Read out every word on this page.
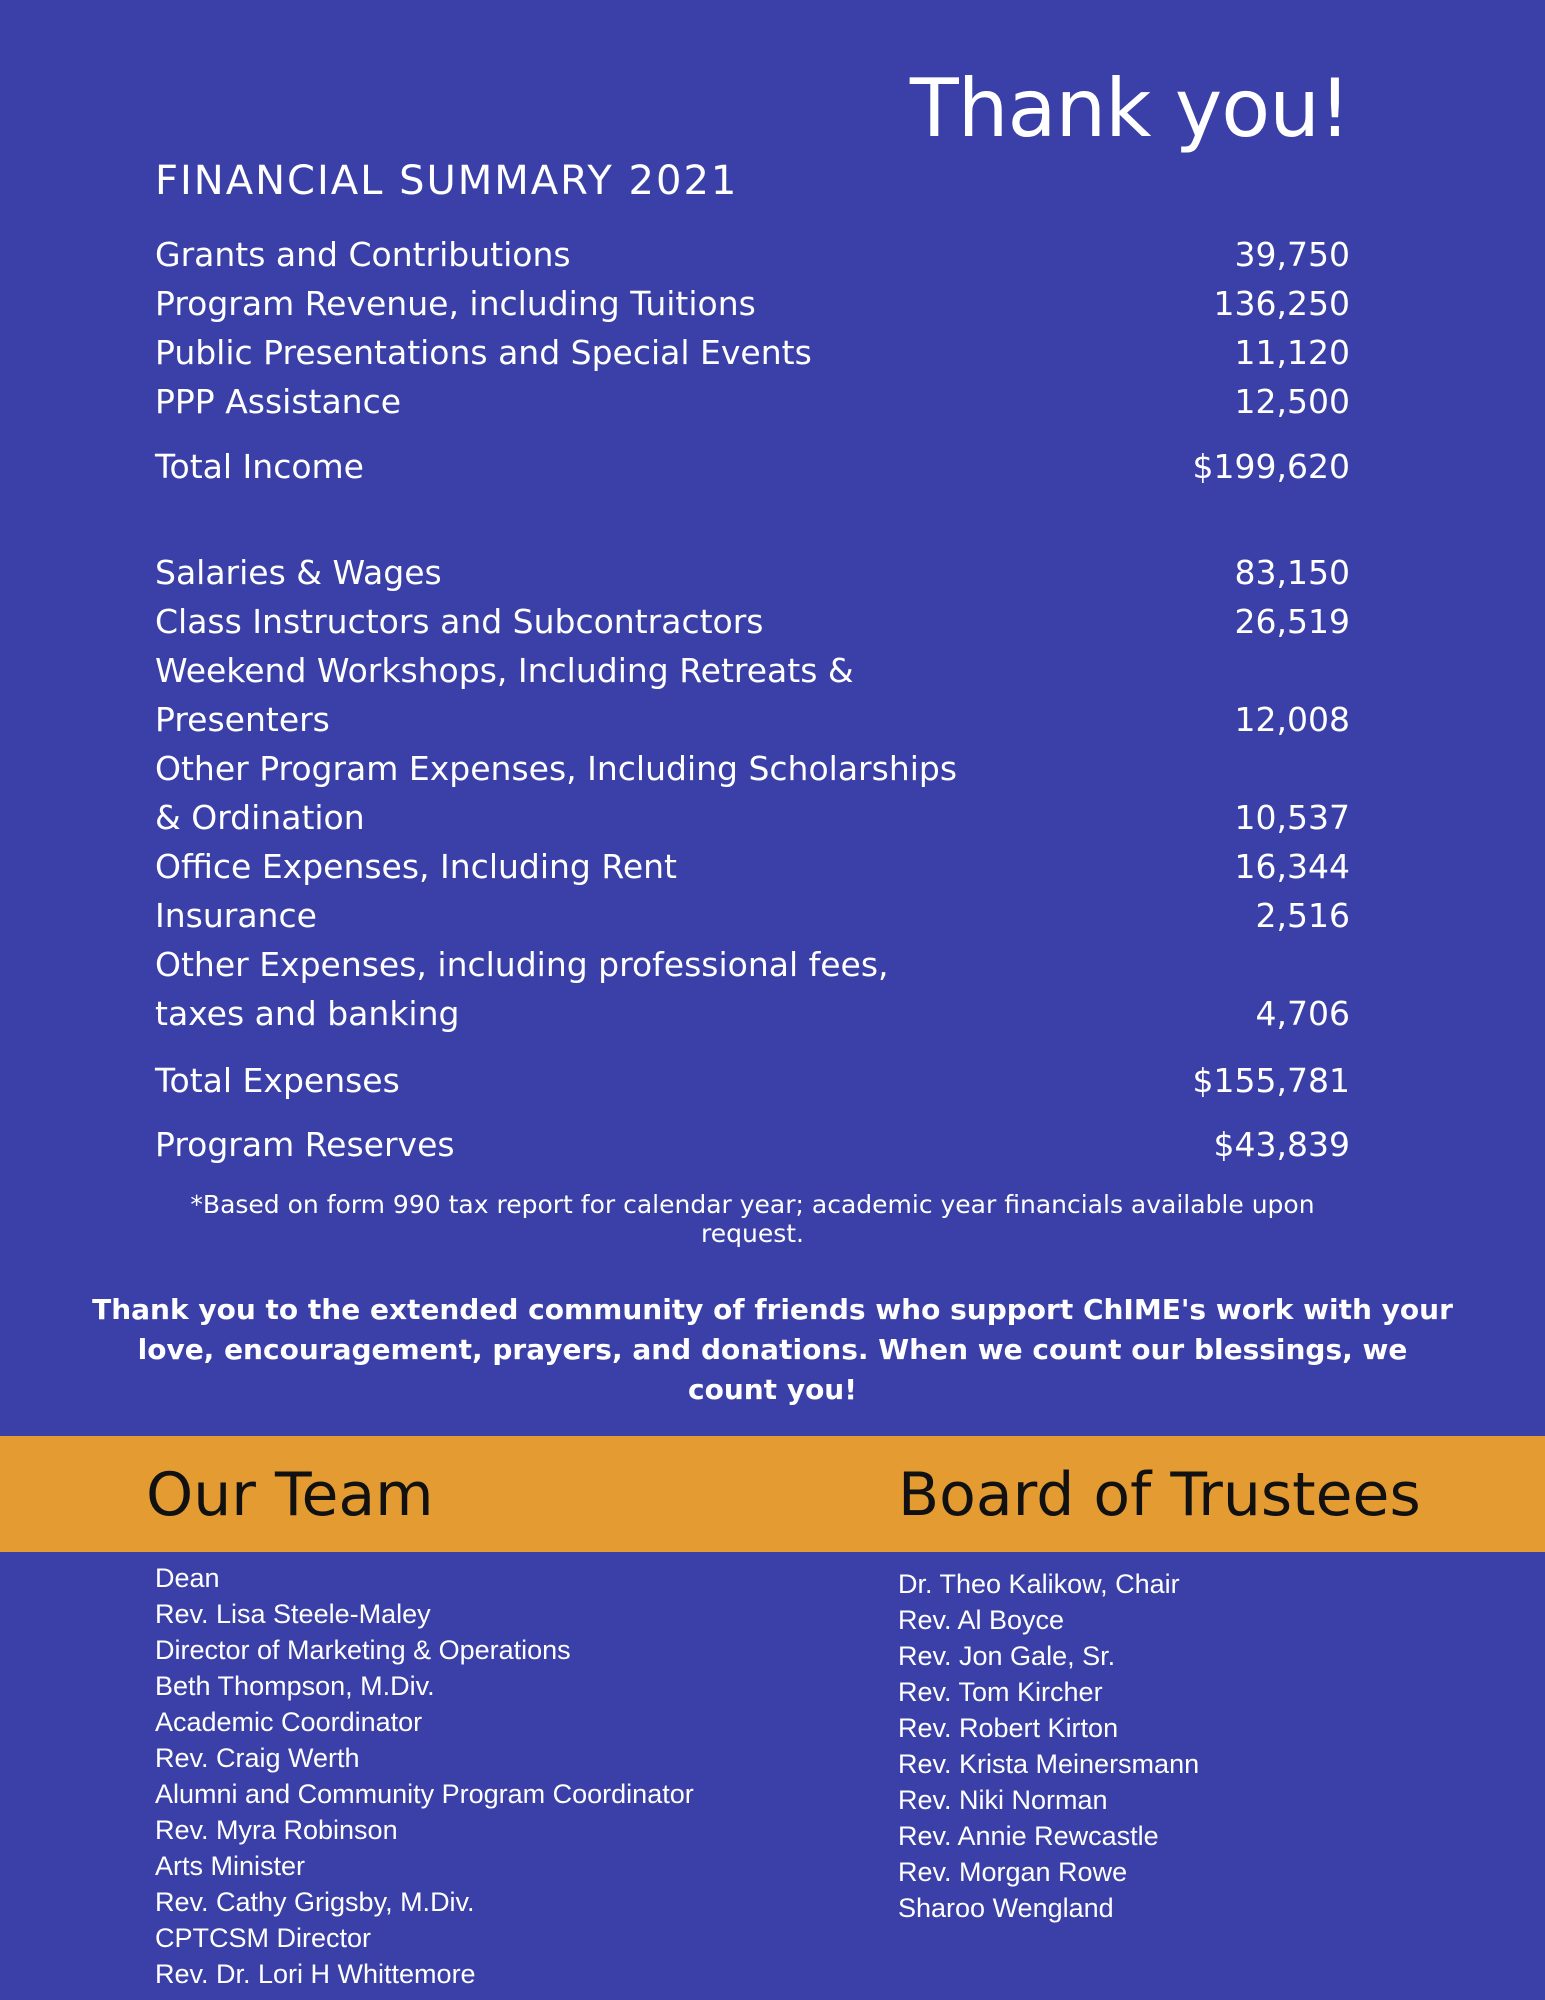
Thank you!
FINANCIAL SUMMARY 2021
Grants and Contributions	39,750
Program Revenue, including Tuitions	136,250
Public Presentations and Special Events	11,120
PPP Assistance	12,500
Total Income	$199,620
Salaries & Wages	83,150
Class Instructors and Subcontractors	26,519
Weekend Workshops, Including Retreats & Presenters	12,008
Other Program Expenses, Including Scholarships & Ordination	10,537
Office Expenses, Including Rent	16,344
Insurance	2,516
Other Expenses, including professional fees, taxes and banking	4,706
Total Expenses	$155,781
Program Reserves	$43,839
*Based on form 990 tax report for calendar year; academic year financials available upon request.
Thank you to the extended community of friends who support ChIME's work with your love, encouragement, prayers, and donations. When we count our blessings, we count you!
Our Team	Board of Trustees
Dean
Rev. Lisa Steele-Maley
Director of Marketing & Operations
Beth Thompson, M.Div.
Academic Coordinator
Rev. Craig Werth
Alumni and Community Program Coordinator
Rev. Myra Robinson
Arts Minister
Rev. Cathy Grigsby, M.Div.
CPTCSM Director
Rev. Dr. Lori H Whittemore
Dr. Theo Kalikow, Chair
Rev. Al Boyce
Rev. Jon Gale, Sr.
Rev. Tom Kircher
Rev. Robert Kirton
Rev. Krista Meinersmann
Rev. Niki Norman
Rev. Annie Rewcastle
Rev. Morgan Rowe
Sharoo Wengland
